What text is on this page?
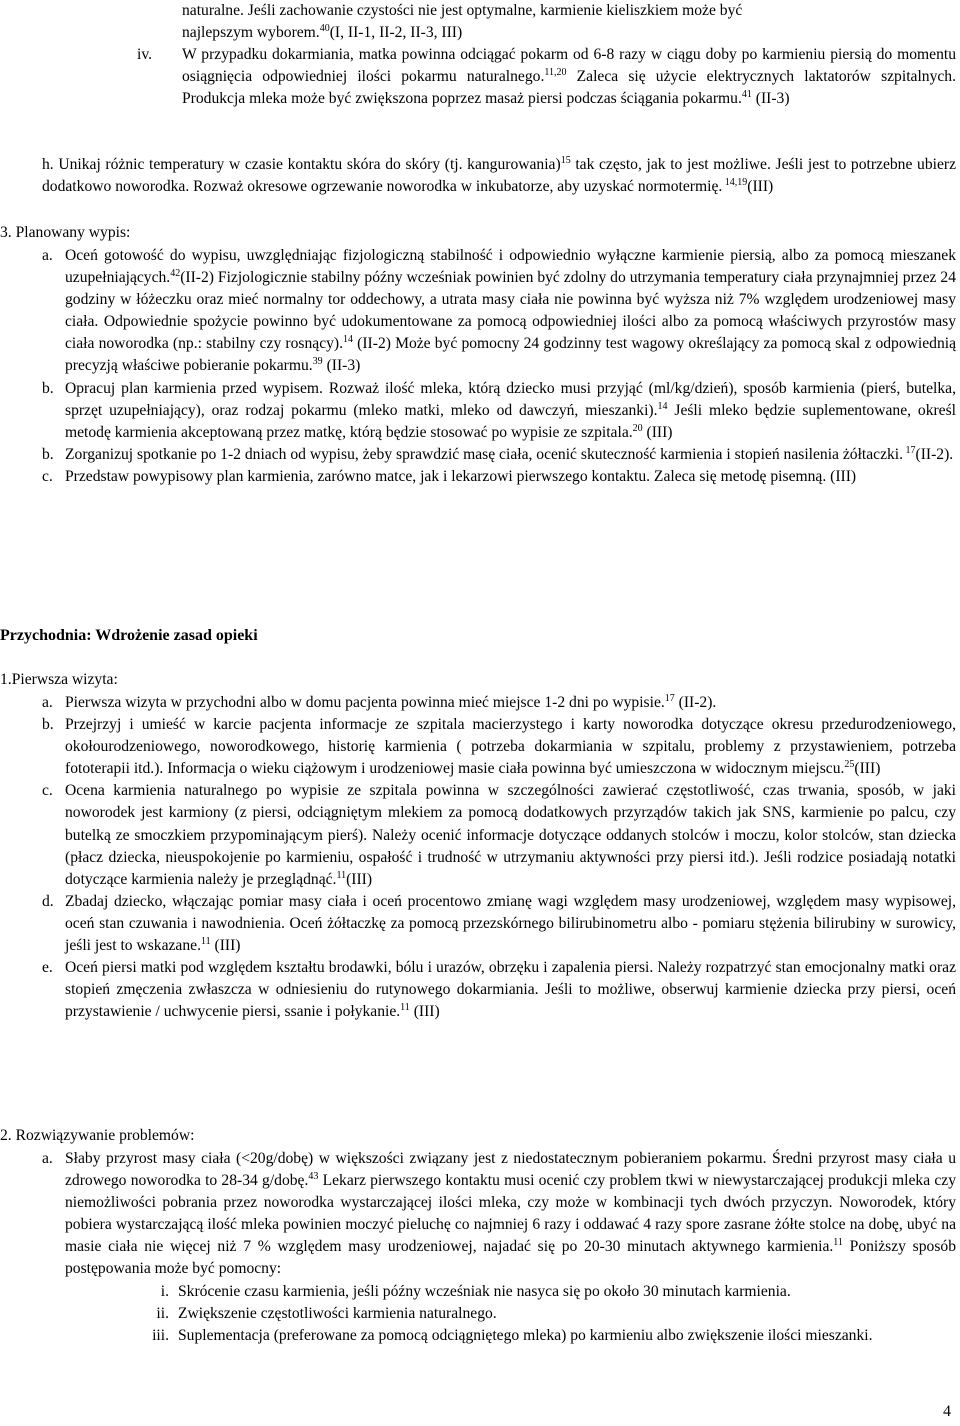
naturalne. Jeśli zachowanie czystości nie jest optymalne, karmienie kieliszkiem może być

najlepszym wyborem.$^{40}$(I, II-1, II-2, II-3, III)

iv.	W przypadku dokarmiania, matka powinna odciągać pokarm od 6-8 razy w ciągu doby po karmieniu piersią do momentu osiągnięcia odpowiedniej ilości pokarmu naturalnego.$^{11,20}$ Zaleca się użycie elektrycznych laktatorów szpitalnych. Produkcja mleka może być zwiększona poprzez masaż piersi podczas ściągania pokarmu.$^{41}$ (II-3)

h. Unikaj różnic temperatury w czasie kontaktu skóra do skóry (tj. kangurowania)$^{15}$ tak często, jak to jest możliwe. Jeśli jest to potrzebne ubierz dodatkowo noworodka. Rozważ okresowe ogrzewanie noworodka w inkubatorze, aby uzyskać normotermię. $^{14,19}$(III)

3. Planowany wypis:
a. Oceń gotowość do wypisu, uwzględniając fizjologiczną stabilność i odpowiednio wyłączne karmienie piersią, albo za pomocą mieszanek uzupełniających.$^{42}$(II-2) Fizjologicznie stabilny późny wcześniak powinien być zdolny do utrzymania temperatury ciała przynajmniej przez 24 godziny w łóżeczku oraz mieć normalny tor oddechowy, a utrata masy ciała nie powinna być wyższa niż 7% względem urodzeniowej masy ciała. Odpowiednie spożycie powinno być udokumentowane za pomocą odpowiedniej ilości albo za pomocą właściwych przyrostów masy ciała noworodka (np.: stabilny czy rosnący).$^{14}$ (II-2) Może być pomocny 24 godzinny test wagowy określający za pomocą skal z odpowiednią precyzją właściwe pobieranie pokarmu.$^{39}$ (II-3)

b. Opracuj plan karmienia przed wypisem. Rozważ ilość mleka, którą dziecko musi przyjąć (ml/kg/dzień), sposób karmienia (pierś, butelka, sprzęt uzupełniający), oraz rodzaj pokarmu (mleko matki, mleko od dawczyń, mieszanki).$^{14}$ Jeśli mleko będzie suplementowane, określ metodę karmienia akceptowaną przez matkę, którą będzie stosować po wypisie ze szpitala.$^{20}$ (III)

b. Zorganizuj spotkanie po 1-2 dniach od wypisu, żeby sprawdzić masę ciała, ocenić skuteczność karmienia i stopień nasilenia żółtaczki. $^{17}$(II-2).

c. Przedstaw powypisowy plan karmienia, zarówno matce, jak i lekarzowi pierwszego kontaktu. Zaleca się metodę pisemną. (III)

Przychodnia: Wdrożenie zasad opieki
1.Pierwsza wizyta:
a. Pierwsza wizyta w przychodni albo w domu pacjenta powinna mieć miejsce 1-2 dni po wypisie.$^{17}$ (II-2).

b. Przejrzyj i umieść w karcie pacjenta informacje ze szpitala macierzystego i karty noworodka dotyczące okresu przedurodzeniowego, okołourodzeniowego, noworodkowego, historię karmienia ( potrzeba dokarmiania w szpitalu, problemy z przystawieniem, potrzeba fototerapii itd.). Informacja o wieku ciążowym i urodzeniowej masie ciała powinna być umieszczona w widocznym miejscu.$^{25}$(III)

c. Ocena karmienia naturalnego po wypisie ze szpitala powinna w szczególności zawierać częstotliwość, czas trwania, sposób, w jaki noworodek jest karmiony (z piersi, odciągniętym mlekiem za pomocą dodatkowych przyrządów takich jak SNS, karmienie po palcu, czy butelką ze smoczkiem przypominającym pierś). Należy ocenić informacje dotyczące oddanych stolców i moczu, kolor stolców, stan dziecka (płacz dziecka, nieuspokojenie po karmieniu, ospałość i trudność w utrzymaniu aktywności przy piersi itd.). Jeśli rodzice posiadają notatki dotyczące karmienia należy je przeglądnąć.$^{11}$(III)

d. Zbadaj dziecko, włączając pomiar masy ciała i oceń procentowo zmianę wagi względem masy urodzeniowej, względem masy wypisowej, oceń stan czuwania i nawodnienia. Oceń żółtaczkę za pomocą przezskórnego bilirubinometru albo - pomiaru stężenia bilirubiny w surowicy, jeśli jest to wskazane.$^{11}$ (III)

e. Oceń piersi matki pod względem kształtu brodawki, bólu i urazów, obrzęku i zapalenia piersi. Należy rozpatrzyć stan emocjonalny matki oraz stopień zmęczenia zwłaszcza w odniesieniu do rutynowego dokarmiania. Jeśli to możliwe, obserwuj karmienie dziecka przy piersi, oceń przystawienie / uchwycenie piersi, ssanie i połykanie.$^{11}$ (III)

2. Rozwiązywanie problemów:
a. Słaby przyrost masy ciała (<20g/dobę) w większości związany jest z niedostatecznym pobieraniem pokarmu. Średni przyrost masy ciała u zdrowego noworodka to 28-34 g/dobę.$^{43}$ Lekarz pierwszego kontaktu musi ocenić czy problem tkwi w niewystarczającej produkcji mleka czy niemożliwości pobrania przez noworodka wystarczającej ilości mleka, czy może w kombinacji tych dwóch przyczyn. Noworodek, który pobiera wystarczającą ilość mleka powinien moczyć pieluchę co najmniej 6 razy i oddawać 4 razy spore zasrane żółte stolce na dobę, ubyć na masie ciała nie więcej niż 7 % względem masy urodzeniowej, najadać się po 20-30 minutach aktywnego karmienia.$^{11}$ Poniższy sposób postępowania może być pomocny:

i. Skrócenie czasu karmienia, jeśli późny wcześniak nie nasyca się po około 30 minutach karmienia.

ii. Zwiększenie częstotliwości karmienia naturalnego.

iii. Suplementacja (preferowane za pomocą odciągniętego mleka) po karmieniu albo zwiększenie ilości mieszanki.

4
